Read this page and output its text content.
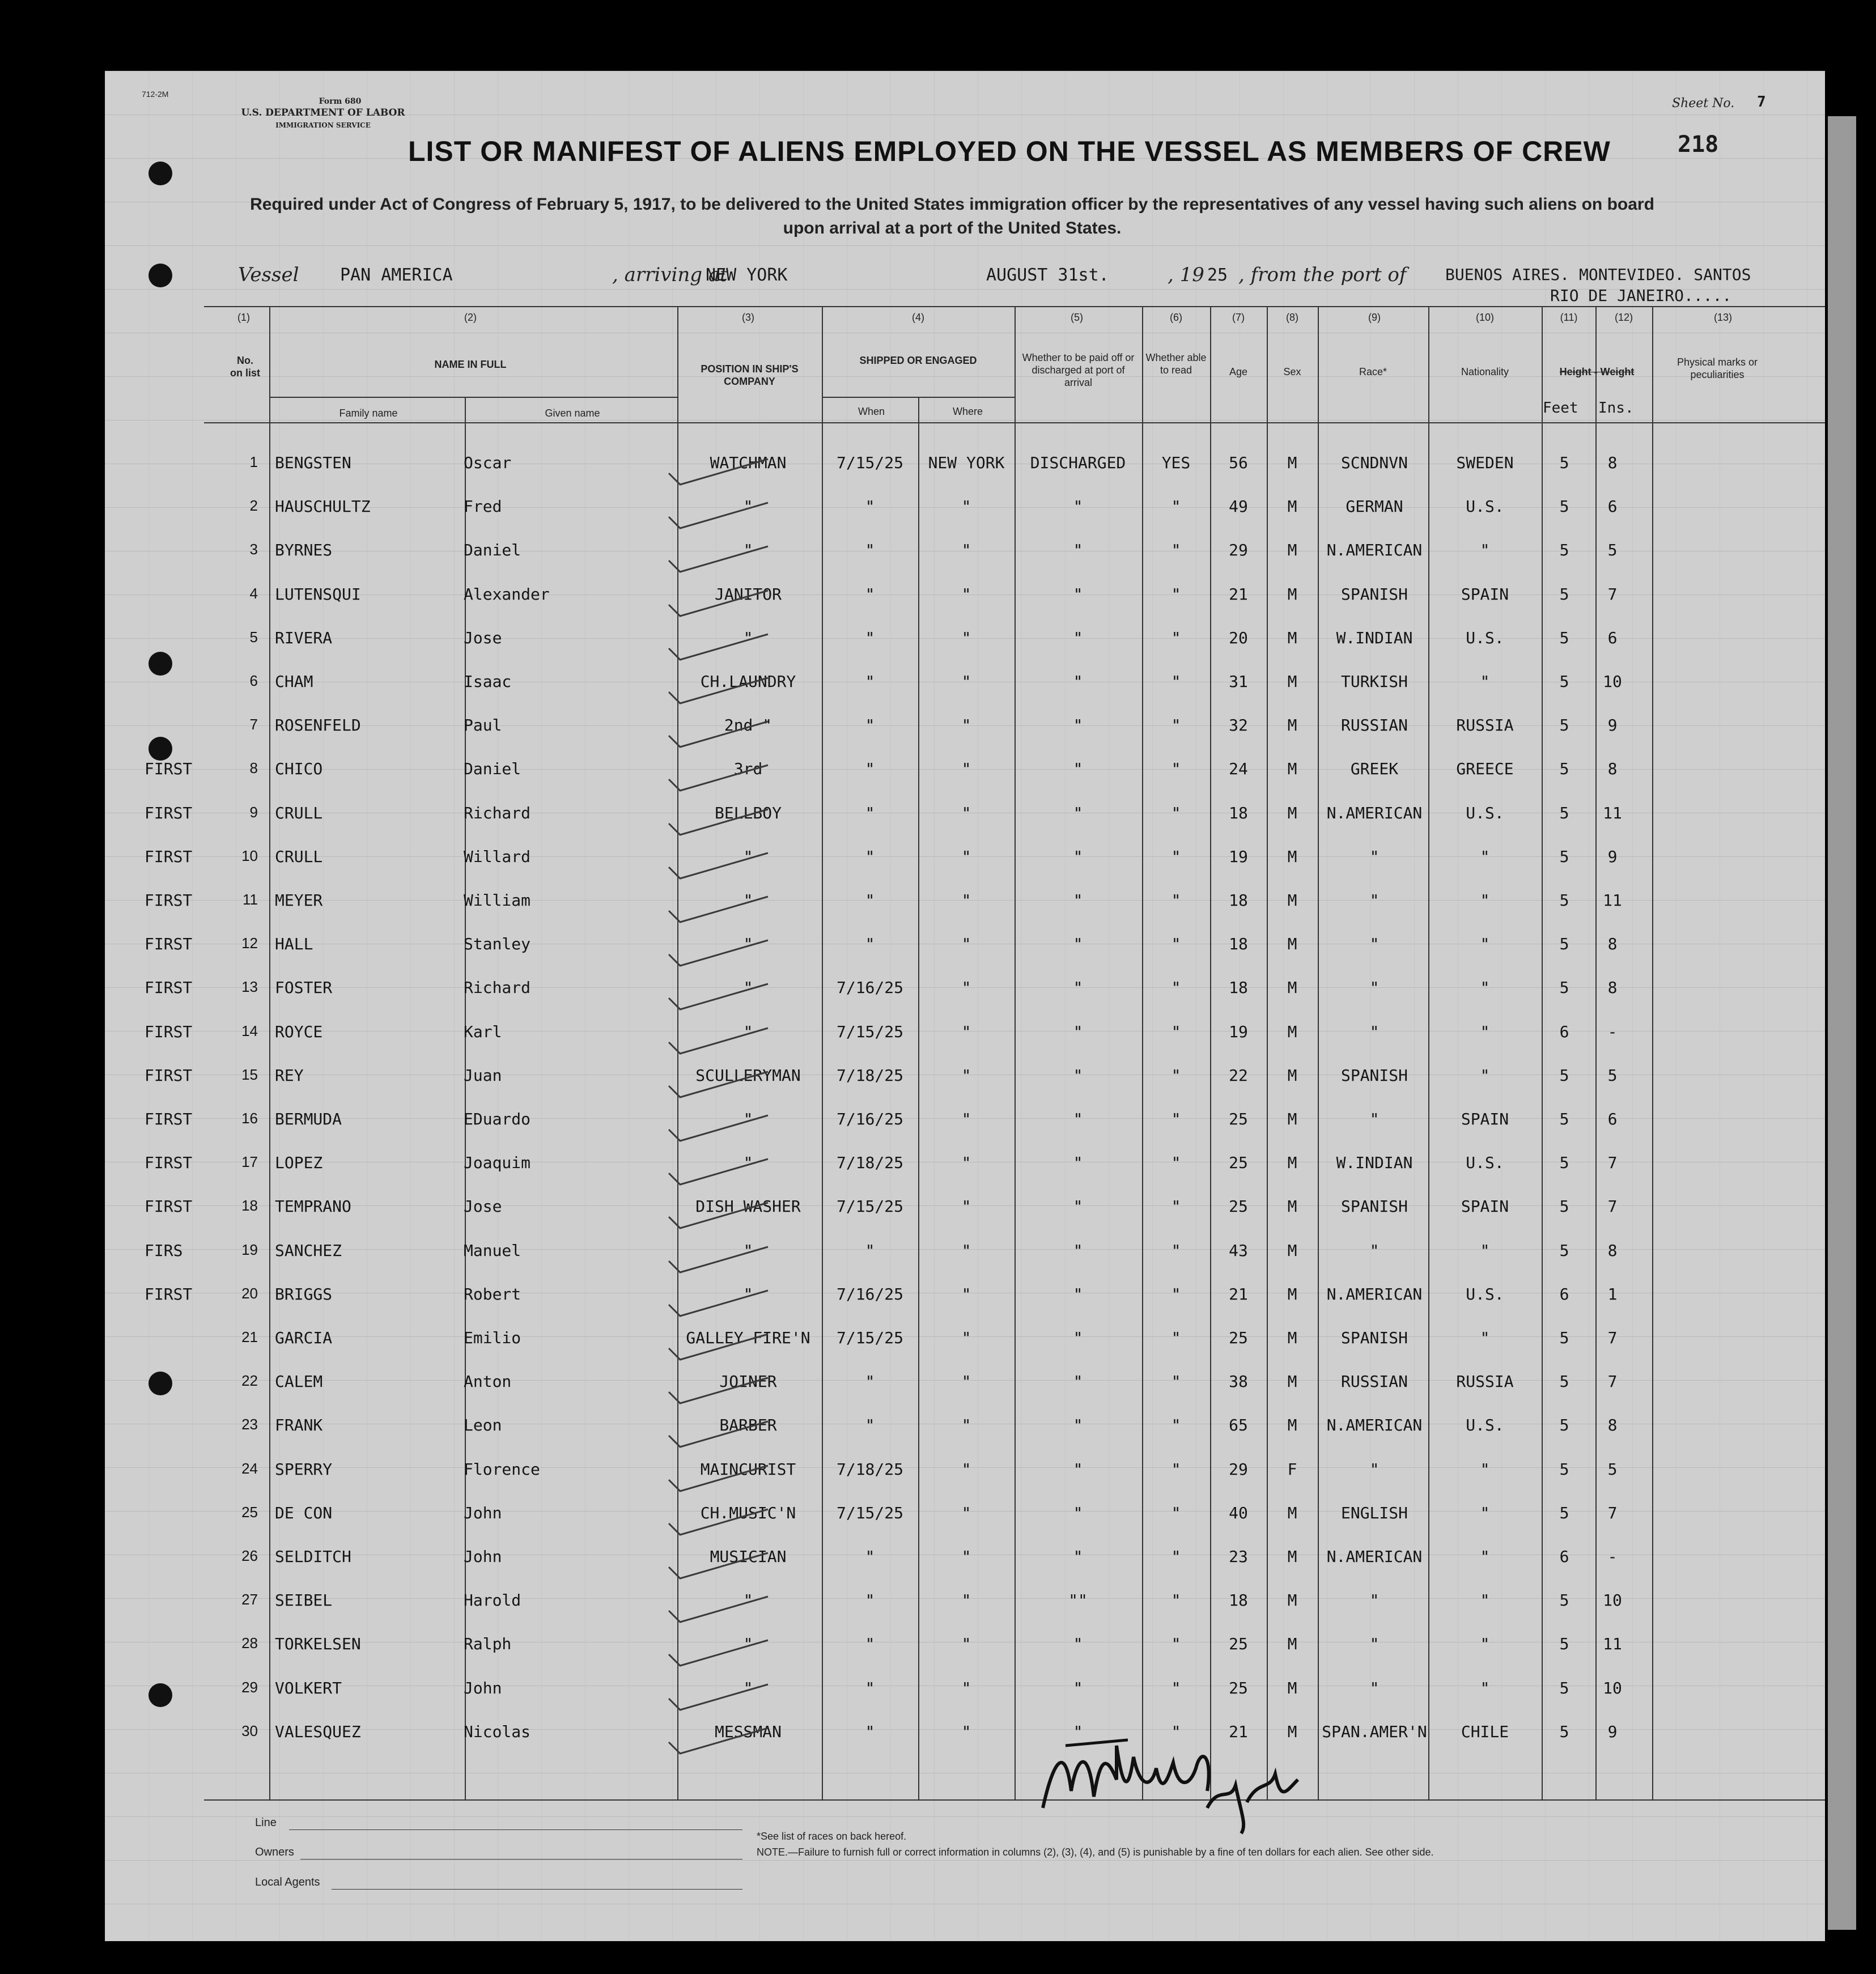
712-2M
Form 680
U.S. DEPARTMENT OF LABOR
IMMIGRATION SERVICE
Sheet No. 7
218
LIST OR MANIFEST OF ALIENS EMPLOYED ON THE VESSEL AS MEMBERS OF CREW
Required under Act of Congress of February 5, 1917, to be delivered to the United States immigration officer by the representatives of any vessel having such aliens on board upon arrival at a port of the United States.
Vessel PAN AMERICA	, arriving at
NEW YORK	AUGUST 31st.	, 19 25 , from the port of BUENOS AIRES. MONTEVIDEO. SANTOS
RIO DE JANEIRO.....
(1)	(2)	(3)	(4)	(5)	(6)	(7)	(8)	(9)	(10)	(11)	(12)	(13)
No. on list
NAME IN FULL
Family name	Given name
POSITION IN SHIP'S COMPANY
SHIPPED OR ENGAGED
When	Where
Whether to be paid off or discharged at port of arrival
Whether able to read	Age	Sex	Race*	Nationality	Height - Weight
Feet Ins.
Physical marks or peculiarities
1 BENGSTEN	Oscar	WATCHMAN	7/15/25	NEW YORK	DISCHARGED	YES	56	M	SCNDNVN	SWEDEN	5	8
2 HAUSCHULTZ	Fred	"	"	"	"	"	49	M	GERMAN	U.S.	5	6
3 BYRNES	Daniel	"	"	"	"	"	29	M	N.AMERICAN	"	5	5
4 LUTENSQUI	Alexander	JANITOR	"	"	"	"	21	M	SPANISH	SPAIN	5	7
5 RIVERA	Jose	"	"	"	"	"	20	M	W.INDIAN	U.S.	5	6
6 CHAM	Isaac	CH.LAUNDRY	"	"	"	"	31	M	TURKISH	"	5	10
7 ROSENFELD	Paul	2nd "	"	"	"	"	32	M	RUSSIAN	RUSSIA	5	9
FIRST	8 CHICO	Daniel	3rd	"	"	"	"	24	M	GREEK	GREECE	5	8
FIRST	9 CRULL	Richard	BELLBOY	"	"	"	"	18	M	N.AMERICAN	U.S.	5	11
FIRST	10 CRULL	Willard	"	"	"	"	"	19	M	"	"	5	9
FIRST	11 MEYER	William	"	"	"	"	"	18	M	"	"	5	11
FIRST	12 HALL	Stanley	"	"	"	"	"	18	M	"	"	5	8
FIRST	13 FOSTER	Richard	"	7/16/25	"	"	"	18	M	"	"	5	8
FIRST	14 ROYCE	Karl	"	7/15/25	"	"	"	19	M	"	"	6	-
FIRST	15 REY	Juan	SCULLERYMAN	7/18/25	"	"	"	22	M	SPANISH	"	5	5
FIRST	16 BERMUDA	EDuardo	"	7/16/25	"	"	"	25	M	"	SPAIN	5	6
FIRST	17 LOPEZ	Joaquim	"	7/18/25	"	"	"	25	M	W.INDIAN	U.S.	5	7
FIRST	18 TEMPRANO	Jose	DISH WASHER	7/15/25	"	"	"	25	M	SPANISH	SPAIN	5	7
FIRS	19 SANCHEZ	Manuel	"	"	"	"	"	43	M	"	"	5	8
FIRST	20 BRIGGS	Robert	"	7/16/25	"	"	"	21	M	N.AMERICAN	U.S.	6	1
21 GARCIA	Emilio	GALLEY FIRE'N	7/15/25	"	"	"	25	M	SPANISH	"	5	7
22 CALEM	Anton	JOINER	"	"	"	"	38	M	RUSSIAN	RUSSIA	5	7
23 FRANK	Leon	BARBER	"	"	"	"	65	M	N.AMERICAN	U.S.	5	8
24 SPERRY	Florence	MAINCURIST	7/18/25	"	"	"	29	F	"	"	5	5
25 DE CON	John	CH.MUSIC'N	7/15/25	"	"	"	40	M	ENGLISH	"	5	7
26 SELDITCH	John	MUSICIAN	"	"	"	"	23	M	N.AMERICAN	"	6	-
27 SEIBEL	Harold	"	"	"	""	"	18	M	"	"	5	10
28 TORKELSEN	Ralph	"	"	"	"	"	25	M	"	"	5	11
29 VOLKERT	John	"	"	"	"	"	25	M	"	"	5	10
30 VALESQUEZ	Nicolas	MESSMAN	"	"	"	"	21	M	SPAN.AMER'N	CHILE	5	9
Line
Owners
Local Agents
*See list of races on back hereof.
NOTE.—Failure to furnish full or correct information in columns (2), (3), (4), and (5) is punishable by a fine of ten dollars for each alien. See other side.
